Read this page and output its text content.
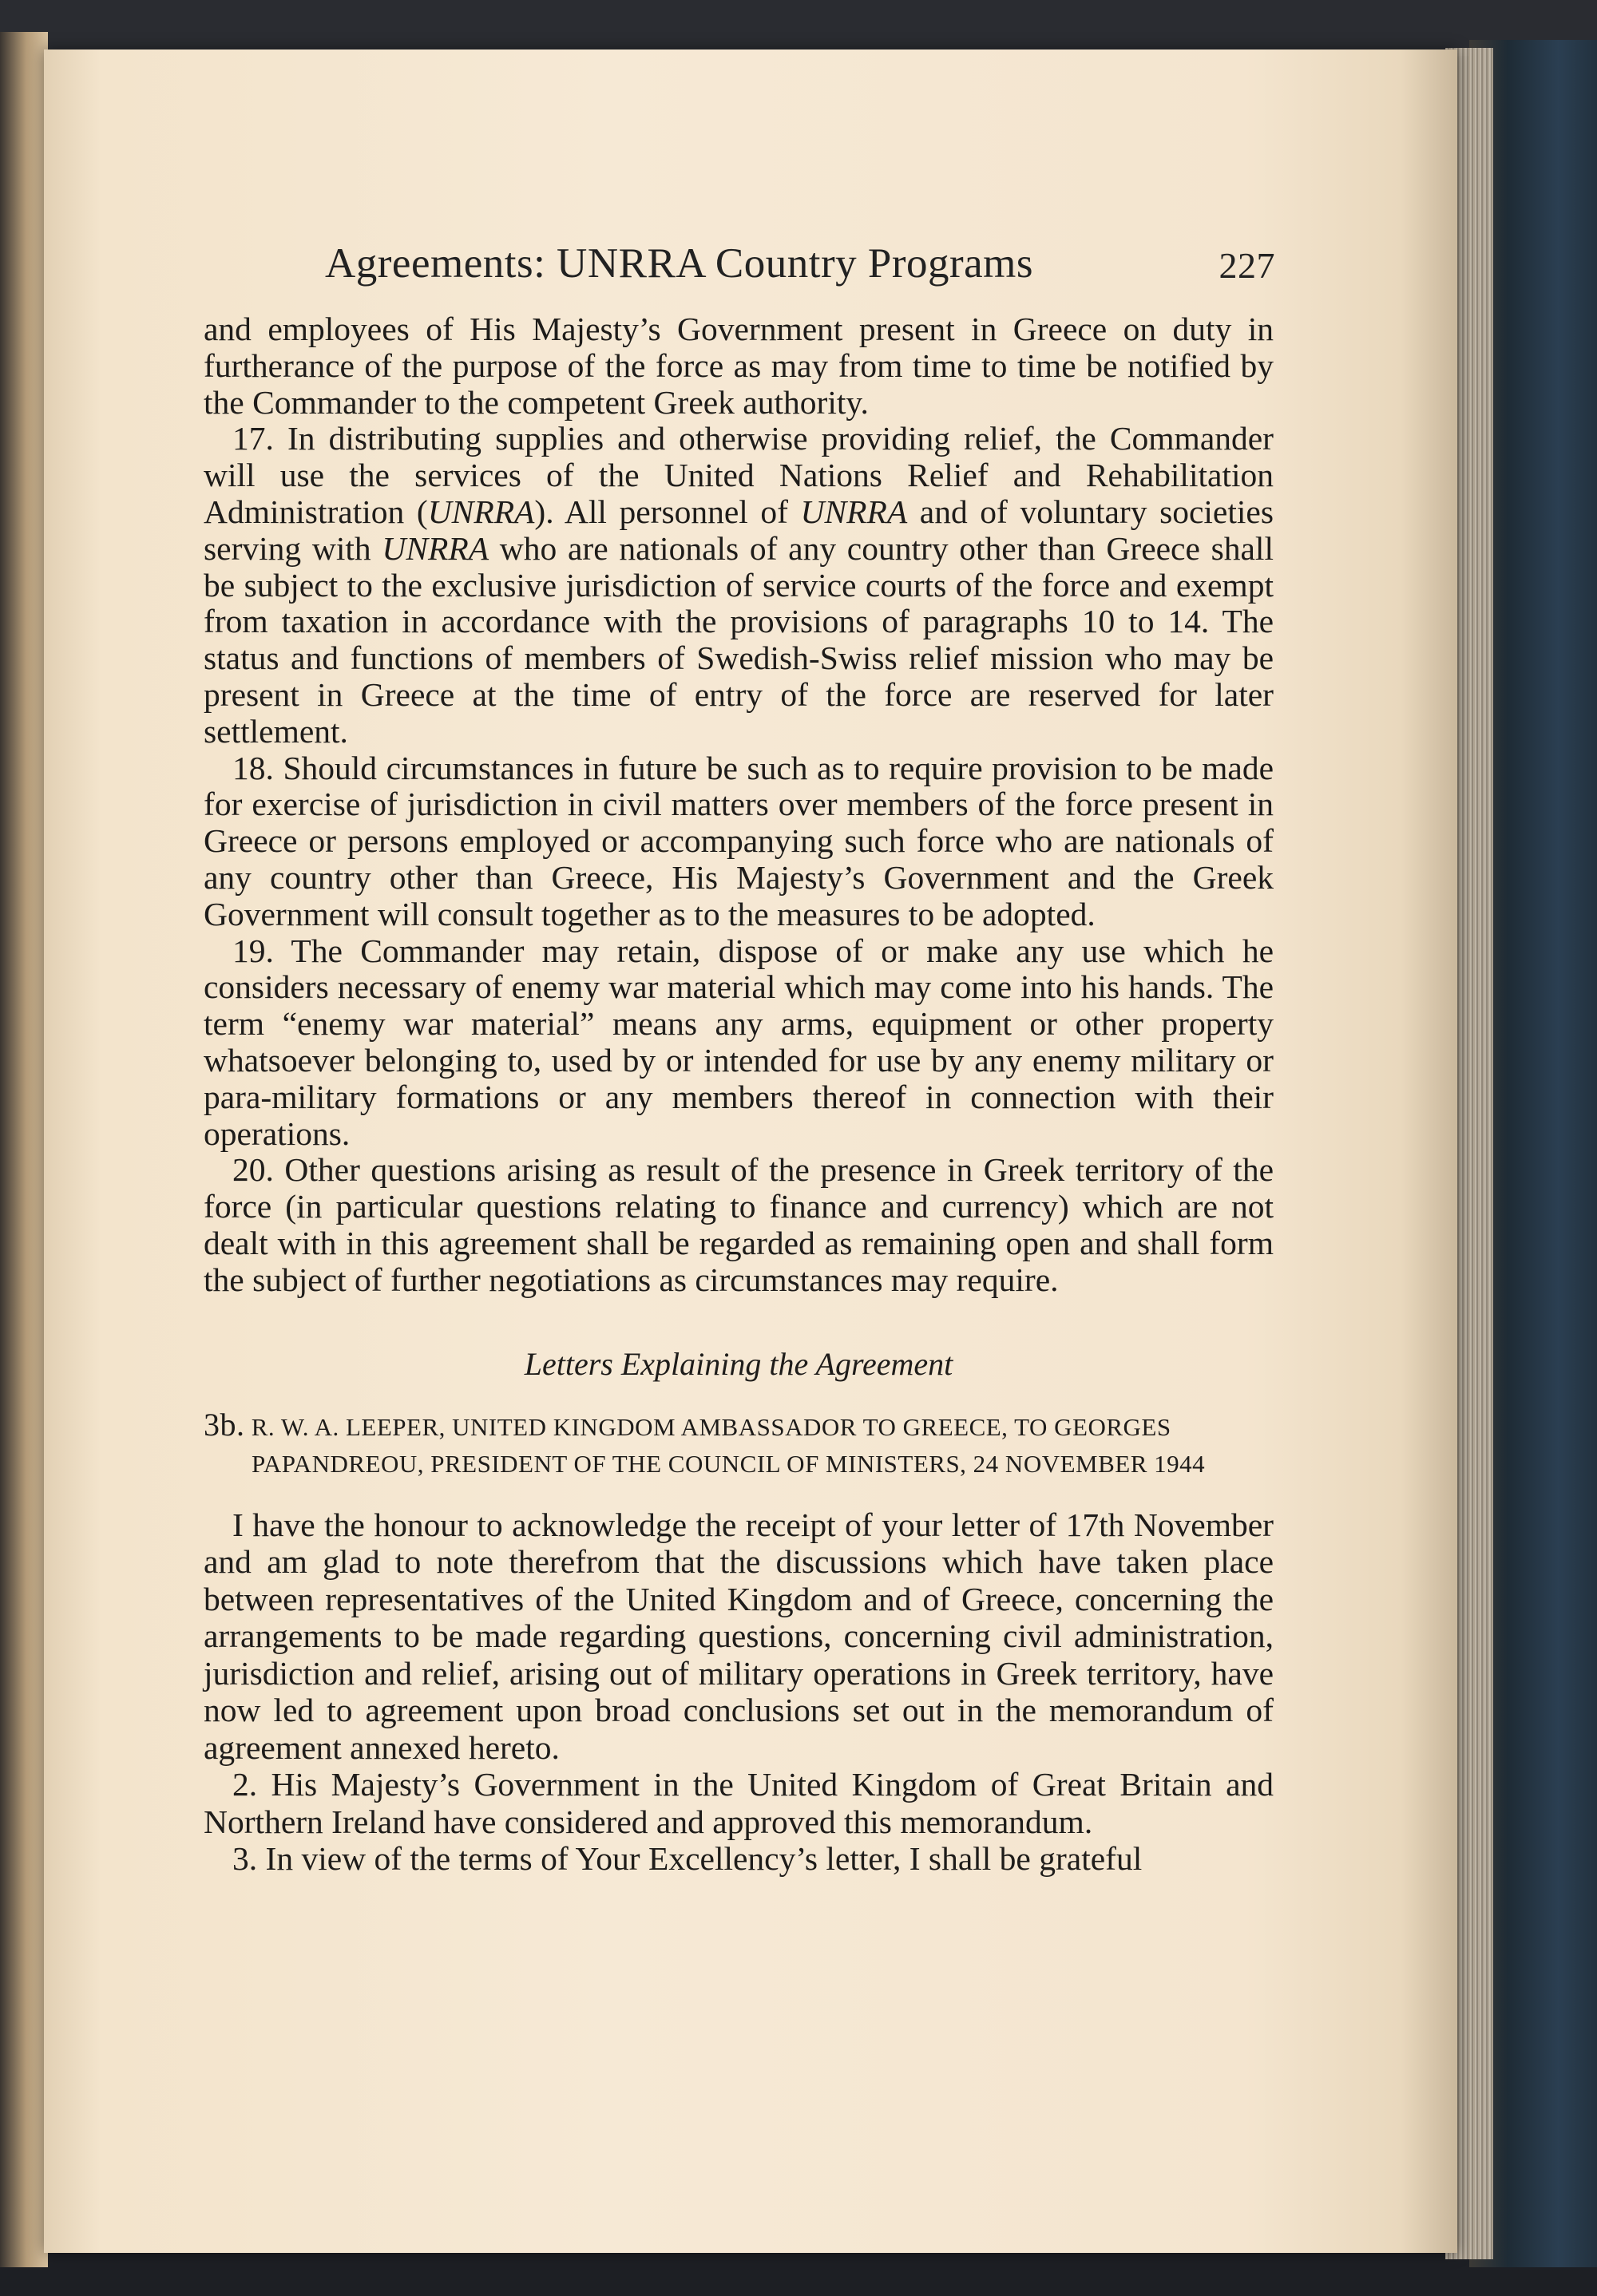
Agreements: UNRRA Country Programs	227

and employees of His Majesty’s Government present in Greece on duty in furtherance of the purpose of the force as may from time to time be notified by the Commander to the competent Greek authority.

17. In distributing supplies and otherwise providing relief, the Commander will use the services of the United Nations Relief and Rehabilitation Administration (UNRRA). All personnel of UNRRA and of voluntary societies serving with UNRRA who are nationals of any country other than Greece shall be subject to the exclusive jurisdiction of service courts of the force and exempt from taxation in accordance with the provisions of paragraphs 10 to 14. The status and functions of members of Swedish-Swiss relief mission who may be present in Greece at the time of entry of the force are reserved for later settlement.

18. Should circumstances in future be such as to require provision to be made for exercise of jurisdiction in civil matters over members of the force present in Greece or persons employed or accompanying such force who are nationals of any country other than Greece, His Majesty’s Government and the Greek Government will consult together as to the measures to be adopted.

19. The Commander may retain, dispose of or make any use which he considers necessary of enemy war material which may come into his hands. The term “enemy war material” means any arms, equipment or other property whatsoever belonging to, used by or intended for use by any enemy military or para-military formations or any members thereof in connection with their operations.

20. Other questions arising as result of the presence in Greek territory of the force (in particular questions relating to finance and currency) which are not dealt with in this agreement shall be regarded as remaining open and shall form the subject of further negotiations as circumstances may require.

Letters Explaining the Agreement
3b. R. W. A. LEEPER, UNITED KINGDOM AMBASSADOR TO GREECE, TO GEORGES
PAPANDREOU, PRESIDENT OF THE COUNCIL OF MINISTERS, 24 NOVEMBER 1944

I have the honour to acknowledge the receipt of your letter of 17th November and am glad to note therefrom that the discussions which have taken place between representatives of the United Kingdom and of Greece, concerning the arrangements to be made regarding questions, concerning civil administration, jurisdiction and relief, arising out of military operations in Greek territory, have now led to agreement upon broad conclusions set out in the memorandum of agreement annexed hereto.

2. His Majesty’s Government in the United Kingdom of Great Britain and Northern Ireland have considered and approved this memorandum.

3. In view of the terms of Your Excellency’s letter, I shall be grateful
